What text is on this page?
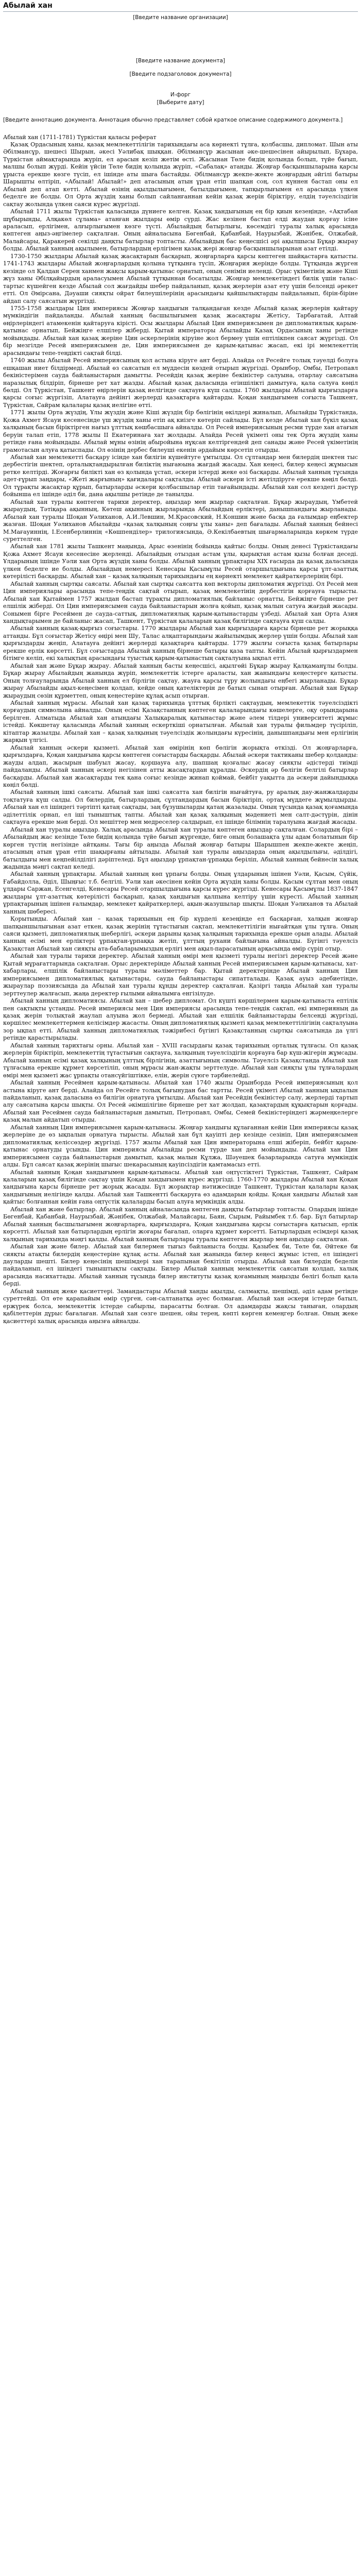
Абылай хан
[Введите название организации]
[Введите название документа]
[Введите подзаголовок документа]
И-форг
[Выберите дату]
[Введите аннотацию документа. Аннотация обычно представляет собой краткое описание содержимого документа.]
Абылай хан (1711-1781) Түркістан қаласы реферат

Қазақ Ордасының ханы, қазақ мемлекеттілігін тарихындағы аса көрнекті тұлға, қолбасшы, дипломат. Шын аты Әбілмансұр, шешесі Шырын, әкесі Уәлибақ шыққан. Әбілмансұр жасынан әке-шешесінен айырылып, Бұхара, Түркістан аймақтарында жүріп, ел арасын кезіп жетім өсті. Жасынан Төле бидің қолында болып, түйе бағып, малшы болып жүрді. Кейін үйсін Төле бидің қолында жүріп, «Сабалақ» атанды. Жоңғар басқыншыларына қарсы ұрыста ерекше көзге түсіп, ел ішінде аты шыға бастайды. Әбілмансұр жекпе-жекте жоңғардың әйгілі батыры Шарышты өлтіріп, «Абылай! Абылай!» деп атасының атын ұран етіп шапқан соң, сол күннен бастап оны ел Абылай деп атап кетті. Абылай өзінің ақылдылығымен, батылдығымен, тапқырлығымен ел арасында үлкен беделге ие болды. Ол Орта жүздің ханы болып сайланғаннан кейін қазақ жерін біріктіру, елдің тәуелсіздігін сақтау жолында үлкен саяси күрес жүргізді.

Абылай 1711 жылы Түркістан қаласында дүниеге келген. Қазақ хандығының ең бір қиын кезеңінде, «Ақтабан шұбырынды, Алқакөл сұлама» атанған жылдары өмір сүрді. Жас кезінен бастап елді жаудан қорғау ісіне араласып, ерлігімен, алғырлығымен көзге түсті. Абылайдың батырлығы, көсемдігі туралы халық арасында көптеген аңыз-әңгімелер сақталған. Оның айналасына Бөгенбай, Қабанбай, Наурызбай, Жәнібек, Олжабай, Малайсары, Қаракерей секілді даңқты батырлар топтасты. Абылайдың бас кеңесшісі әрі ақылшысы Бұқар жырау болды. Абылай ханның ақылымен, батырлардың ерлігімен қазақ жері жоңғар басқыншыларынан азат етілді.

1730-1750 жылдары Абылай қазақ жасақтарын басқарып, жоңғарларға қарсы көптеген шайқастарға қатысты. 1741-1743 жылдары Абылай жоңғарлардың қолына тұтқынға түсіп, Жоңғария жерінде болды. Тұтқында жүрген кезінде ол Қалдан Серен ханмен жақсы қарым-қатынас орнатып, оның сенімін иеленді. Орыс үкіметінің және Кіші жүз ханы Әбілқайырдың араласуымен Абылай тұтқыннан босатылды. Жоңғар мемлекетіндегі билік үшін талас-тартыс күшейген кезде Абылай сол жағдайды шебер пайдаланып, қазақ жерлерін азат ету үшін белсенді әрекет етті. Ол Әмірсана, Дәуаши сияқты ойрат билеушілерінің арасындағы қайшылықтарды пайдаланып, бірін-біріне айдап салу саясатын жүргізді.

1755-1758 жылдары Цин империясы Жоңғар хандығын талқандаған кезде Абылай қазақ жерлерін қайтару мүмкіндігін пайдаланды. Абылай ханның басшылығымен қазақ жасақтары Жетісу, Тарбағатай, Алтай өңірлеріндегі атамекенін қайтаруға кірісті. Осы жылдары Абылай Цин империясымен де дипломатиялық қарым-қатынас орнатып, Бейжіңге елшілер жіберді. Қытай императоры Абылайды Қазақ Ордасының ханы ретінде мойындады. Абылай хан қазақ жеріне Цин әскерлерінің кіруіне жол бермеу үшін ептілікпен саясат жүргізді. Ол бір мезгілде Ресей империясымен де, Цин империясымен де қарым-қатынас жасап, екі ірі мемлекеттің арасындағы тепе-теңдікті сақтай білді.

1740 жылы Абылай Ресей империясының қол астына кіруге ант берді. Алайда ол Ресейге толық тәуелді болуға ешқашан ниет білдірмеді. Абылай өз саясатын ел мүддесін көздей отырып жүргізді. Орынбор, Омбы, Петропавл бекіністерімен сауда байланыстарын дамытты. Ресейдің қазақ жеріне бекіністер салуына, отарлау саясатына наразылық білдіріп, бірнеше рет хат жазды. Абылай қазақ даласында егіншілікті дамытуға, қала салуға көңіл бөлді. Ол Түркістан, Ташкент өңірлерін қазақ иелігінде сақтауға күш салды. 1760 жылдары Абылай қырғыздарға қарсы соғыс жүргізіп, Алатауға дейінгі жерлерді қазақтарға қайтарды. Қоқан хандығымен соғыста Ташкент, Түркістан, Сайрам қалалары қазақ иелігіне өтті.

1771 жылы Орта жүздің, Ұлы жүздің және Кіші жүздің бір бөлігінің өкілдері жиналып, Абылайды Түркістанда, Қожа Ахмет Ясауи кесенесінде үш жүздің ханы етіп ақ киізге көтеріп сайлады. Бұл кезде Абылай хан бүкіл қазақ халқының басын біріктірген нағыз ұлттық көшбасшыға айналды. Ол Ресей империясының ресми түрде хан атағын беруін талап етіп, 1778 жылы II Екатеринаға хат жолдады. Алайда Ресей үкіметі оны тек Орта жүздің ханы ретінде ғана мойындады. Абылай мұны өзінің абыройына нұқсан келтіргендей деп санады және Ресей үкіметінің грамотасын алуға қатыспады. Ол өзінің дербес билеуші екенін әрдайым көрсетіп отырды.

Абылай хан мемлекетті басқару ісінде хан билігін күшейтуге ұмтылды. Ол сұлтандар мен билердің шектен тыс дербестігін шектеп, орталықтандырылған биліктің нығаюына жағдай жасады. Хан кеңесі, билер кеңесі жұмысын ретке келтірді. Жоғарғы билікті хан өз қолында ұстап, әскери істерді жеке өзі басқарды. Абылай ханның тұсында әдет-ғұрып заңдары, «Жеті жарғының» қағидалары сақталды. Абылай әскери істі жетілдіруге ерекше көңіл бөлді. Ол тұрақты жасақтар құрып, батырларды әскери қолбасшылар етіп тағайындады. Абылай хан сол кездегі дәстүр бойынша ел ішінде әділ би, дана ақылшы ретінде де танылды.

Абылай хан туралы көптеген тарихи деректер, аңыздар мен жырлар сақталған. Бұқар жыраудың, Үмбетей жыраудың, Тәтіқара ақынның, Көтеш ақынның жырларында Абылайдың ерліктері, данышпандығы жырланады. Абылай хан туралы Шоқан Уәлиханов, А.И.Левшин, М.Красовский, Н.Коншин және басқа да ғалымдар еңбектер жазған. Шоқан Уәлиханов Абылайды «қазақ халқының соңғы ұлы ханы» деп бағалады. Абылай ханның бейнесі М.Мағауиннің, І.Есенберлиннің «Көшпенділер» трилогиясында, Ә.Кекілбаевтың шығармаларында көркем түрде суреттелген.

Абылай хан 1781 жылы Ташкент маңында, Арыс өзенінің бойында қайтыс болды. Оның денесі Түркістандағы Қожа Ахмет Ясауи кесенесіне жерленді. Абылайдың отыздан астам ұлы, қырықтан астам қызы болған деседі. Ұлдарының ішінде Уәли хан Орта жүздің ханы болды. Абылай ханның ұрпақтары ХІХ ғасырда да қазақ даласында үлкен беделге ие болды. Абылайдың немересі Кенесары Қасымұлы Ресей отаршылдығына қарсы ұлт-азаттық көтерілісті басқарды. Абылай хан – қазақ халқының тарихындағы ең көрнекті мемлекет қайраткерлерінің бірі.

Абылай ханның сыртқы саясаты. Абылай хан сыртқы саясатта көп векторлы дипломатия жүргізді. Ол Ресей мен Цин империялары арасында тепе-теңдік сақтай отырып, қазақ мемлекетінің дербестігін қорғауға тырысты. Абылай хан Қытаймен 1757 жылдан бастап тұрақты дипломатиялық байланыс орнатты, Бейжіңге бірнеше рет елшілік жіберді. Ол Цин империясымен сауда байланыстарын жолға қойып, қазақ малын сатуға жағдай жасады. Сонымен бірге Ресеймен де сауда-саттық, дипломатиялық қарым-қатынастарды үзбеді. Абылай хан Орта Азия хандықтарымен де байланыс жасап, Ташкент, Түркістан қалаларын қазақ билігінде сақтауға күш салды.

Абылай ханның қазақ-қырғыз соғыстары. 1770 жылдары Абылай хан қырғыздарға қарсы бірнеше рет жорыққа аттанды. Бұл соғыстар Жетісу өңірі мен Шу, Талас алқаптарындағы жайылымдық жерлер үшін болды. Абылай хан қырғыздарды жеңіп, Алатауға дейінгі жерлерді қазақтарға қайтарды. 1779 жылғы соғыста қазақ батырлары ерекше ерлік көрсетті. Бұл соғыстарда Абылай ханның бірнеше батыры қаза тапты. Кейін Абылай қырғыздармен бітімге келіп, екі халықтың арасындағы туыстық қарым-қатынастың сақталуына ықпал етті.

Абылай хан және Бұқар жырау. Абылай ханның басты кеңесшісі, ақылгөйі Бұқар жырау Қалқаманұлы болды. Бұқар жырау Абылайдың жанында жүріп, мемлекеттік істерге араласты, хан жанындағы кеңестерге қатысты. Оның толғауларында Абылай ханның ел бірлігін сақтау, жауға қарсы тұру жолындағы еңбегі жырланады. Бұқар жырау Абылайды ақыл-кеңесімен қолдап, кейде оның қателіктерін де батыл сынап отырған. Абылай хан Бұқар жыраудың сөзін құрметтеп, оның кеңестеріне құлақ асып отырған.

Абылай ханның мұрасы. Абылай хан қазақ тарихында ұлттық бірлікті сақтаудың, мемлекеттік тәуелсіздікті қорғаудың символына айналды. Оның есімі Қазақстанның көптеген қалаларындағы көшелерге, оқу орындарына берілген. Алматыда Абылай хан атындағы Халықаралық қатынастар және әлем тілдері университеті жұмыс істейді. Көкшетау қаласында Абылай ханның ескерткіші орнатылған. Абылай хан туралы фильмдер түсіріліп, кітаптар жазылды. Абылай хан – қазақ халқының тәуелсіздік жолындағы күресінің, данышпандығы мен ерлігінің жарқын үлгісі.

Абылай ханның әскери қызметі. Абылай хан өмірінің көп бөлігін жорықта өткізді. Ол жоңғарларға, қырғыздарға, Қоқан хандығына қарсы көптеген соғыстарды басқарды. Абылай әскери тактиканы шебер қолданды: жауды алдап, жасырын шабуыл жасау, қоршауға алу, шапшаң қозғалыс жасау сияқты әдістерді тиімді пайдаланды. Абылай ханның әскері негізінен атты жасақтардан құралды. Әскердің әр бөлігін белгілі батырлар басқарды. Абылай хан жасақтарды тек қана соғыс кезінде жинап қоймай, бейбіт уақытта да әскери дайындыққа көңіл бөлді.

Абылай ханның ішкі саясаты. Абылай хан ішкі саясатта хан билігін нығайтуға, ру аралық дау-жанжалдарды тоқтатуға күш салды. Ол билердің, батырлардың, сұлтандардың басын біріктіріп, ортақ мүддеге жұмылдырды. Абылай хан ел ішіндегі тәртіпті қатаң сақтады, заң бұзушыларды қатаң жазалады. Оның тұсында қазақ қоғамында әділеттілік орнап, ел іші тыныштық тапты. Абылай хан қазақ халқының мәдениеті мен салт-дәстүрін, дінін сақтауға ерекше мән берді. Ол мешіттер мен медреселер салдырып, ел ішінде білімнің таралуына жағдай жасады.

Абылай хан туралы аңыздар. Халық арасында Абылай хан туралы көптеген аңыздар сақталған. Солардың бірі – Абылайдың жас кезінде Төле бидің қолында түйе бағып жүргенде, биге оның болашақта ұлы адам болатынын бір көрген түстің негізінде айтқаны. Тағы бір аңызда Абылай жоңғар батыры Шарышпен жекпе-жекте жеңіп, атасының атын ұран етіп шақырғаны айтылады. Абылай хан туралы аңыздарда оның ақылдылығы, әділдігі, батылдығы мен кеңпейілділігі дәріптеледі. Бұл аңыздар ұрпақтан-ұрпаққа беріліп, Абылай ханның бейнесін халық жадында мәңгі сақтап келеді.

Абылай ханның ұрпақтары. Абылай ханның көп ұрпағы болды. Оның ұлдарының ішінен Уәли, Қасым, Сүйік, Ғабайдолла, Әділ, Шыңғыс т.б. белгілі. Уәли хан әкесінен кейін Орта жүздің ханы болды. Қасым сұлтан мен оның ұлдары Саржан, Есенгелді, Кенесары Ресей отаршылдығына қарсы күрес жүргізді. Кенесары Қасымұлы 1837-1847 жылдары ұлт-азаттық көтерілісті басқарып, қазақ хандығын қалпына келтіру үшін күресті. Абылай ханның ұрпақтарының ішінен ғалымдар, мемлекет қайраткерлері, ақын-жазушылар шықты. Шоқан Уәлиханов та Абылай ханның шөбересі.

Қорытынды. Абылай хан – қазақ тарихының ең бір күрделі кезеңінде ел басқарған, халқын жоңғар шапқыншылығынан азат еткен, қазақ жерінің тұтастығын сақтап, мемлекеттілігін нығайтқан ұлы тұлға. Оның саяси қызметі, дипломатиялық шеберлігі, әскери дарыны қазақ халқының тарихында ерекше орын алады. Абылай ханның есімі мен ерліктері ұрпақтан-ұрпаққа жетіп, ұлттың рухани байлығына айналды. Бүгінгі тәуелсіз Қазақстан Абылай хан сияқты ата-бабаларымыздың ерлігі мен ақыл-парасатының арқасында өмір сүріп отыр.

Абылай хан туралы тарихи деректер. Абылай ханның өмірі мен қызметі туралы негізгі деректер Ресей және Қытай мұрағаттарында сақталған. Орыс деректерінде Абылай ханның Ресей империясымен қарым-қатынасы, хат-хабарлары, елшілік байланыстары туралы мәліметтер бар. Қытай деректерінде Абылай ханның Цин империясымен дипломатиялық қатынастары, сауда байланыстары сипатталады. Қазақ ауыз әдебиетінде, жыраулар поэзиясында да Абылай хан туралы құнды деректер сақталған. Қазіргі таңда Абылай хан туралы зерттеулер жалғасып, жаңа деректер ғылыми айналымға енгізілуде.

Абылай ханның дипломатиясы. Абылай хан – шебер дипломат. Ол күшті көршілермен қарым-қатынаста ептілік пен сақтықты ұстанды. Ресей империясы мен Цин империясы арасында тепе-теңдік сақтап, екі империяның да қазақ жерін толықтай жаулап алуына жол бермеді. Абылай хан елшілік байланыстарды белсенді жүргізді, көршілес мемлекеттермен келісімдер жасасты. Оның дипломатиялық қызметі қазақ мемлекеттілігінің сақталуына зор ықпал етті. Абылай ханның дипломатиялық тәжірибесі бүгінгі Қазақстанның сыртқы саясатында да үлгі ретінде қарастырылады.

Абылай ханның тарихтағы орны. Абылай хан – ХVІІІ ғасырдағы қазақ тарихының орталық тұлғасы. Ол қазақ жерлерін біріктіріп, мемлекеттің тұтастығын сақтауға, халқының тәуелсіздігін қорғауға бар күш-жігерін жұмсады. Абылай ханның есімі қазақ халқының ұлттық бірлігінің, азаттығының символы. Тәуелсіз Қазақстанда Абылай хан тұлғасына ерекше құрмет көрсетіліп, оның мұрасы жан-жақты зерттелуде. Абылай хан сияқты ұлы тұлғалардың өмірі мен қызметі жас ұрпақты отансүйгіштікке, елін, жерін сүюге тәрбиелейді.

Абылай ханның Ресеймен қарым-қатынасы. Абылай хан 1740 жылы Орынборда Ресей империясының қол астына кіруге ант берді. Алайда ол Ресейге толық бағынудан бас тартты. Ресей үкіметі Абылай ханның ықпалын пайдаланып, қазақ даласына өз билігін орнатуға ұмтылды. Абылай хан Ресейдің бекіністер салу, жерлерді тартып алу саясатына қарсы шықты. Ол Ресей әкімшілігіне бірнеше рет хат жолдап, қазақтардың құқықтарын қорғады. Абылай хан Ресеймен сауда байланыстарын дамытып, Петропавл, Омбы, Семей бекіністеріндегі жәрмеңкелерге қазақ малын айдатып отырды.

Абылай ханның Цин империясымен қарым-қатынасы. Жоңғар хандығы құлағаннан кейін Цин империясы қазақ жерлеріне де өз ықпалын орнатуға тырысты. Абылай хан бұл қауіпті дер кезінде сезініп, Цин империясымен дипломатиялық келіссөздер жүргізді. 1757 жылы Абылай хан Цин императорына елші жіберіп, бейбіт қарым-қатынас орнатуды ұсынды. Цин империясы Абылайды ресми түрде хан деп мойындады. Абылай хан Цин империясымен сауда байланыстарын дамытып, қазақ малын Құлжа, Шәуешек базарларында сатуға мүмкіндік алды. Бұл саясат қазақ жерінің шығыс шекарасының қауіпсіздігін қамтамасыз етті.

Абылай ханның Қоқан хандығымен қарым-қатынасы. Абылай хан оңтүстіктегі Түркістан, Ташкент, Сайрам қалаларын қазақ билігінде сақтау үшін Қоқан хандығымен күрес жүргізді. 1760-1770 жылдары Абылай хан Қоқан хандығына қарсы бірнеше рет жорық жасады. Бұл жорықтар нәтижесінде Ташкент, Түркістан қалалары қазақ хандығының иелігінде қалды. Абылай хан Ташкентті басқаруға өз адамдарын қойды. Қоқан хандығы Абылай хан қайтыс болғаннан кейін ғана оңтүстік қалаларды басып алуға мүмкіндік алды.

Абылай хан және батырлар. Абылай ханның айналасында көптеген даңқты батырлар топтасты. Олардың ішінде Бөгенбай, Қабанбай, Наурызбай, Жәнібек, Олжабай, Малайсары, Баян, Сырым, Райымбек т.б. бар. Бұл батырлар Абылай ханның басшылығымен жоңғарларға, қырғыздарға, Қоқан хандығына қарсы соғыстарға қатысып, ерлік көрсетті. Абылай хан батырлардың ерлігін жоғары бағалап, оларға құрмет көрсетті. Батырлардың есімдері қазақ халқының тарихында мәңгі қалды. Абылай ханның батырлары туралы көптеген жырлар мен аңыздар сақталған.

Абылай хан және билер. Абылай хан билермен тығыз байланыста болды. Қазыбек би, Төле би, Әйтеке би сияқты атақты билердің кеңестеріне құлақ асты. Абылай хан жанында билер кеңесі жұмыс істеп, ел ішіндегі дауларды шешті. Билер кеңесінің шешімдері хан тарапынан бекітіліп отырды. Абылай хан билердің беделін пайдаланып, ел ішіндегі тыныштықты сақтады. Билер Абылай ханның мемлекеттік саясатын қолдап, халық арасында насихаттады. Абылай ханның тұсында билер институты қазақ қоғамының маңызды бөлігі болып қала берді.

Абылай ханның жеке қасиеттері. Замандастары Абылай ханды ақылды, салмақты, шешімді, әділ адам ретінде суреттейді. Ол өте қарапайым өмір сүрген, сән-салтанатқа әуес болмаған. Абылай хан әскери істерде батыл, ержүрек болса, мемлекеттік істерде сабырлы, парасатты болған. Ол адамдарды жақсы таныған, олардың қабілеттерін дұрыс бағалаған. Абылай хан сөзге шешен, ойы терең, көпті көрген кемеңгер болған. Оның жеке қасиеттері халық арасында аңызға айналды.
